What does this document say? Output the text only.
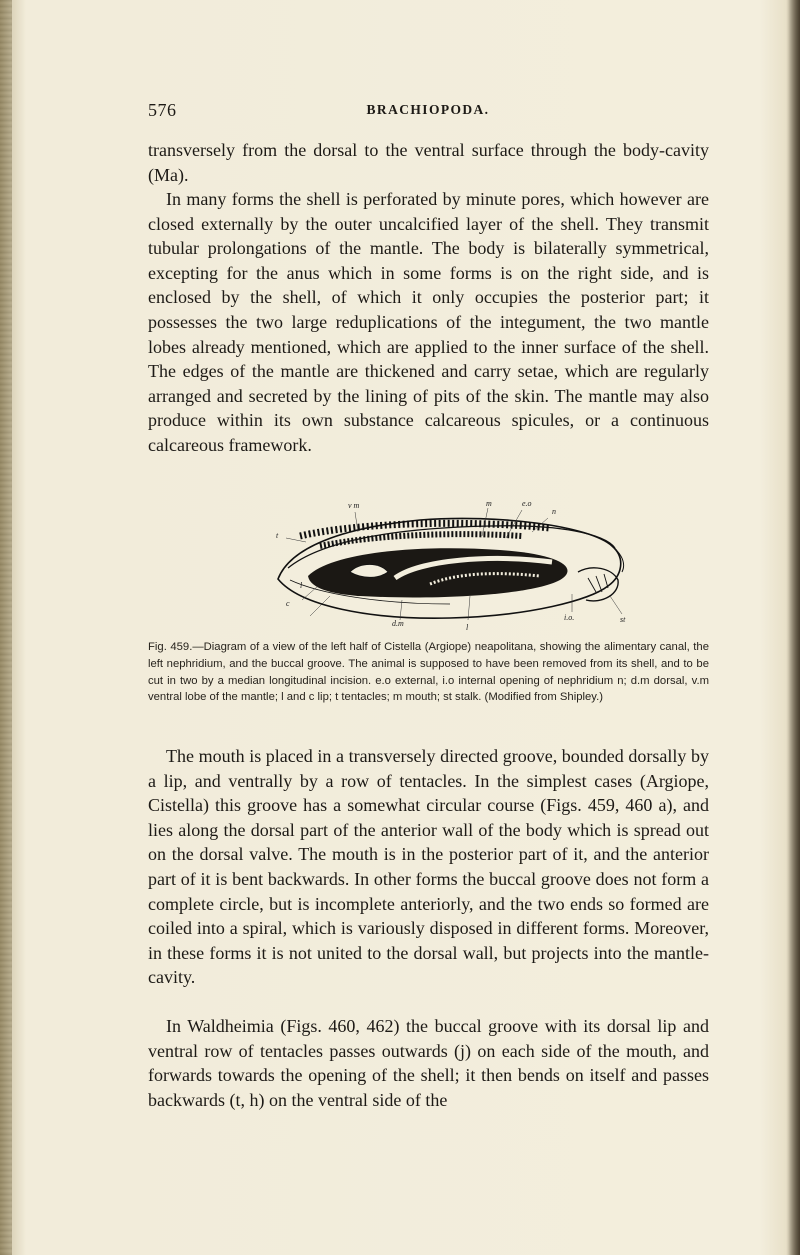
576	BRACHIOPODA.

transversely from the dorsal to the ventral surface through the body-cavity (Ma).

In many forms the shell is perforated by minute pores, which however are closed externally by the outer uncalcified layer of the shell. They transmit tubular prolongations of the mantle. The body is bilaterally symmetrical, excepting for the anus which in some forms is on the right side, and is enclosed by the shell, of which it only occupies the posterior part; it possesses the two large reduplications of the integument, the two mantle lobes already mentioned, which are applied to the inner surface of the shell. The edges of the mantle are thickened and carry setae, which are regularly arranged and secreted by the lining of pits of the skin. The mantle may also produce within its own substance calcareous spicules, or a continuous calcareous framework.

v m	m	e.o
n
t
c
l
d.m	l
i.o.	st

Fig. 459.—Diagram of a view of the left half of Cistella (Argiope) neapolitana, showing the alimentary canal, the left nephridium, and the buccal groove. The animal is supposed to have been removed from its shell, and to be cut in two by a median longitudinal incision. e.o external, i.o internal opening of nephridium n; d.m dorsal, v.m ventral lobe of the mantle; l and c lip; t tentacles; m mouth; st stalk. (Modified from Shipley.)

The mouth is placed in a transversely directed groove, bounded dorsally by a lip, and ventrally by a row of tentacles. In the simplest cases (Argiope, Cistella) this groove has a somewhat circular course (Figs. 459, 460 a), and lies along the dorsal part of the anterior wall of the body which is spread out on the dorsal valve. The mouth is in the posterior part of it, and the anterior part of it is bent backwards. In other forms the buccal groove does not form a complete circle, but is incomplete anteriorly, and the two ends so formed are coiled into a spiral, which is variously disposed in different forms. Moreover, in these forms it is not united to the dorsal wall, but projects into the mantle-cavity.

In Waldheimia (Figs. 460, 462) the buccal groove with its dorsal lip and ventral row of tentacles passes outwards (j) on each side of the mouth, and forwards towards the opening of the shell; it then bends on itself and passes backwards (t, h) on the ventral side of the
